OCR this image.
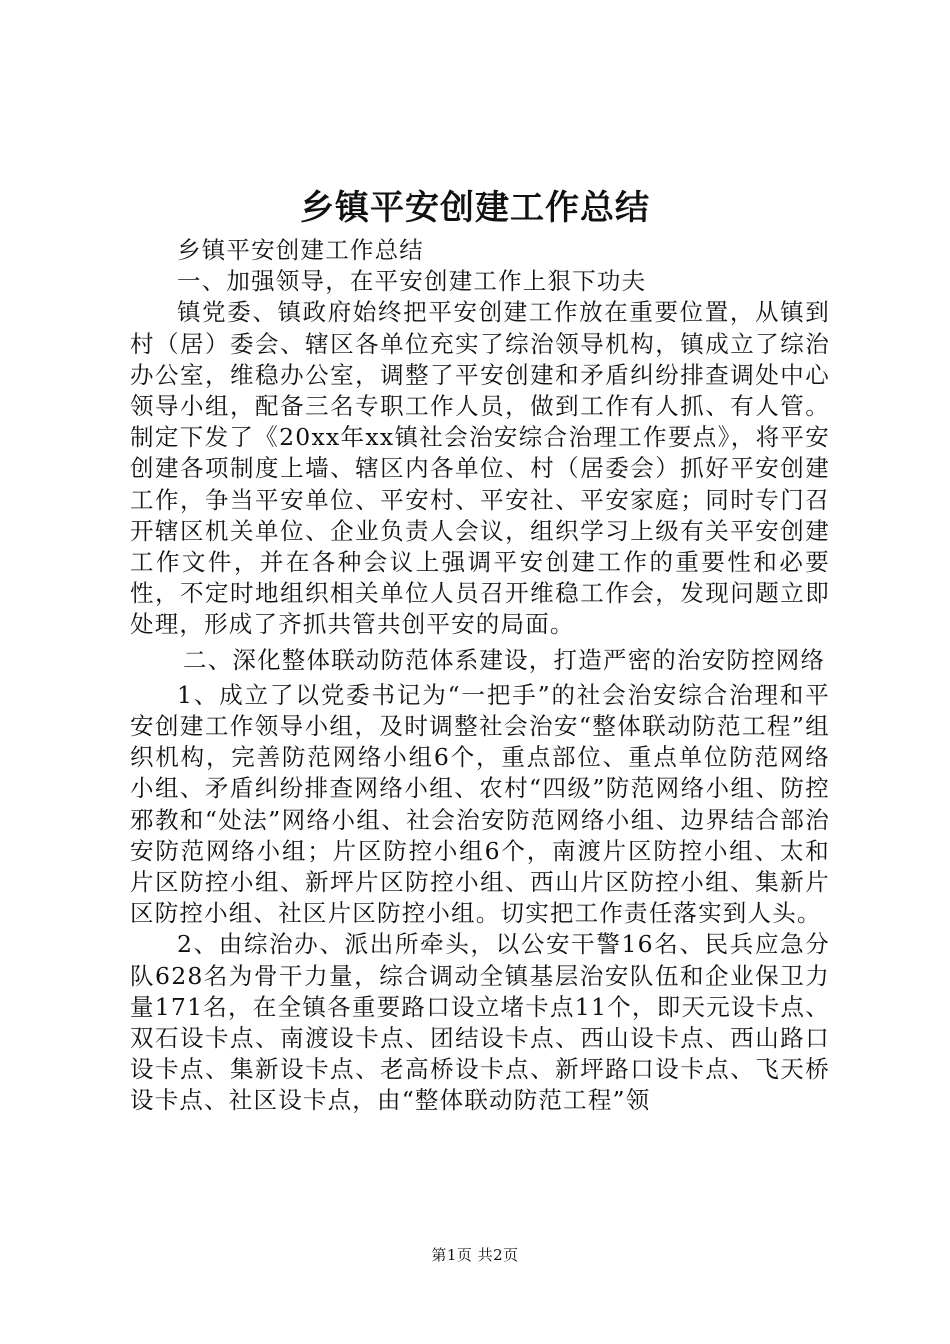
乡镇平安创建工作总结

乡镇平安创建工作总结

一、加强领导，在平安创建工作上狠下功夫

镇党委、镇政府始终把平安创建工作放在重要位置，从镇到村（居）委会、辖区各单位充实了综治领导机构，镇成立了综治办公室，维稳办公室，调整了平安创建和矛盾纠纷排查调处中心领导小组，配备三名专职工作人员，做到工作有人抓、有人管。制定下发了《20xx年xx镇社会治安综合治理工作要点》，将平安创建各项制度上墙、辖区内各单位、村（居委会）抓好平安创建工作，争当平安单位、平安村、平安社、平安家庭；同时专门召开辖区机关单位、企业负责人会议，组织学习上级有关平安创建工作文件，并在各种会议上强调平安创建工作的重要性和必要性，不定时地组织相关单位人员召开维稳工作会，发现问题立即处理，形成了齐抓共管共创平安的局面。

二、深化整体联动防范体系建设，打造严密的治安防控网络

1、成立了以党委书记为“一把手”的社会治安综合治理和平安创建工作领导小组，及时调整社会治安“整体联动防范工程”组织机构，完善防范网络小组6个，重点部位、重点单位防范网络小组、矛盾纠纷排查网络小组、农村“四级”防范网络小组、防控邪教和“处法”网络小组、社会治安防范网络小组、边界结合部治安防范网络小组；片区防控小组6个，南渡片区防控小组、太和片区防控小组、新坪片区防控小组、西山片区防控小组、集新片区防控小组、社区片区防控小组。切实把工作责任落实到人头。

2、由综治办、派出所牵头，以公安干警16名、民兵应急分队628名为骨干力量，综合调动全镇基层治安队伍和企业保卫力量171名，在全镇各重要路口设立堵卡点11个，即天元设卡点、双石设卡点、南渡设卡点、团结设卡点、西山设卡点、西山路口设卡点、集新设卡点、老高桥设卡点、新坪路口设卡点、飞天桥设卡点、社区设卡点，由“整体联动防范工程”领

第1页 共2页
